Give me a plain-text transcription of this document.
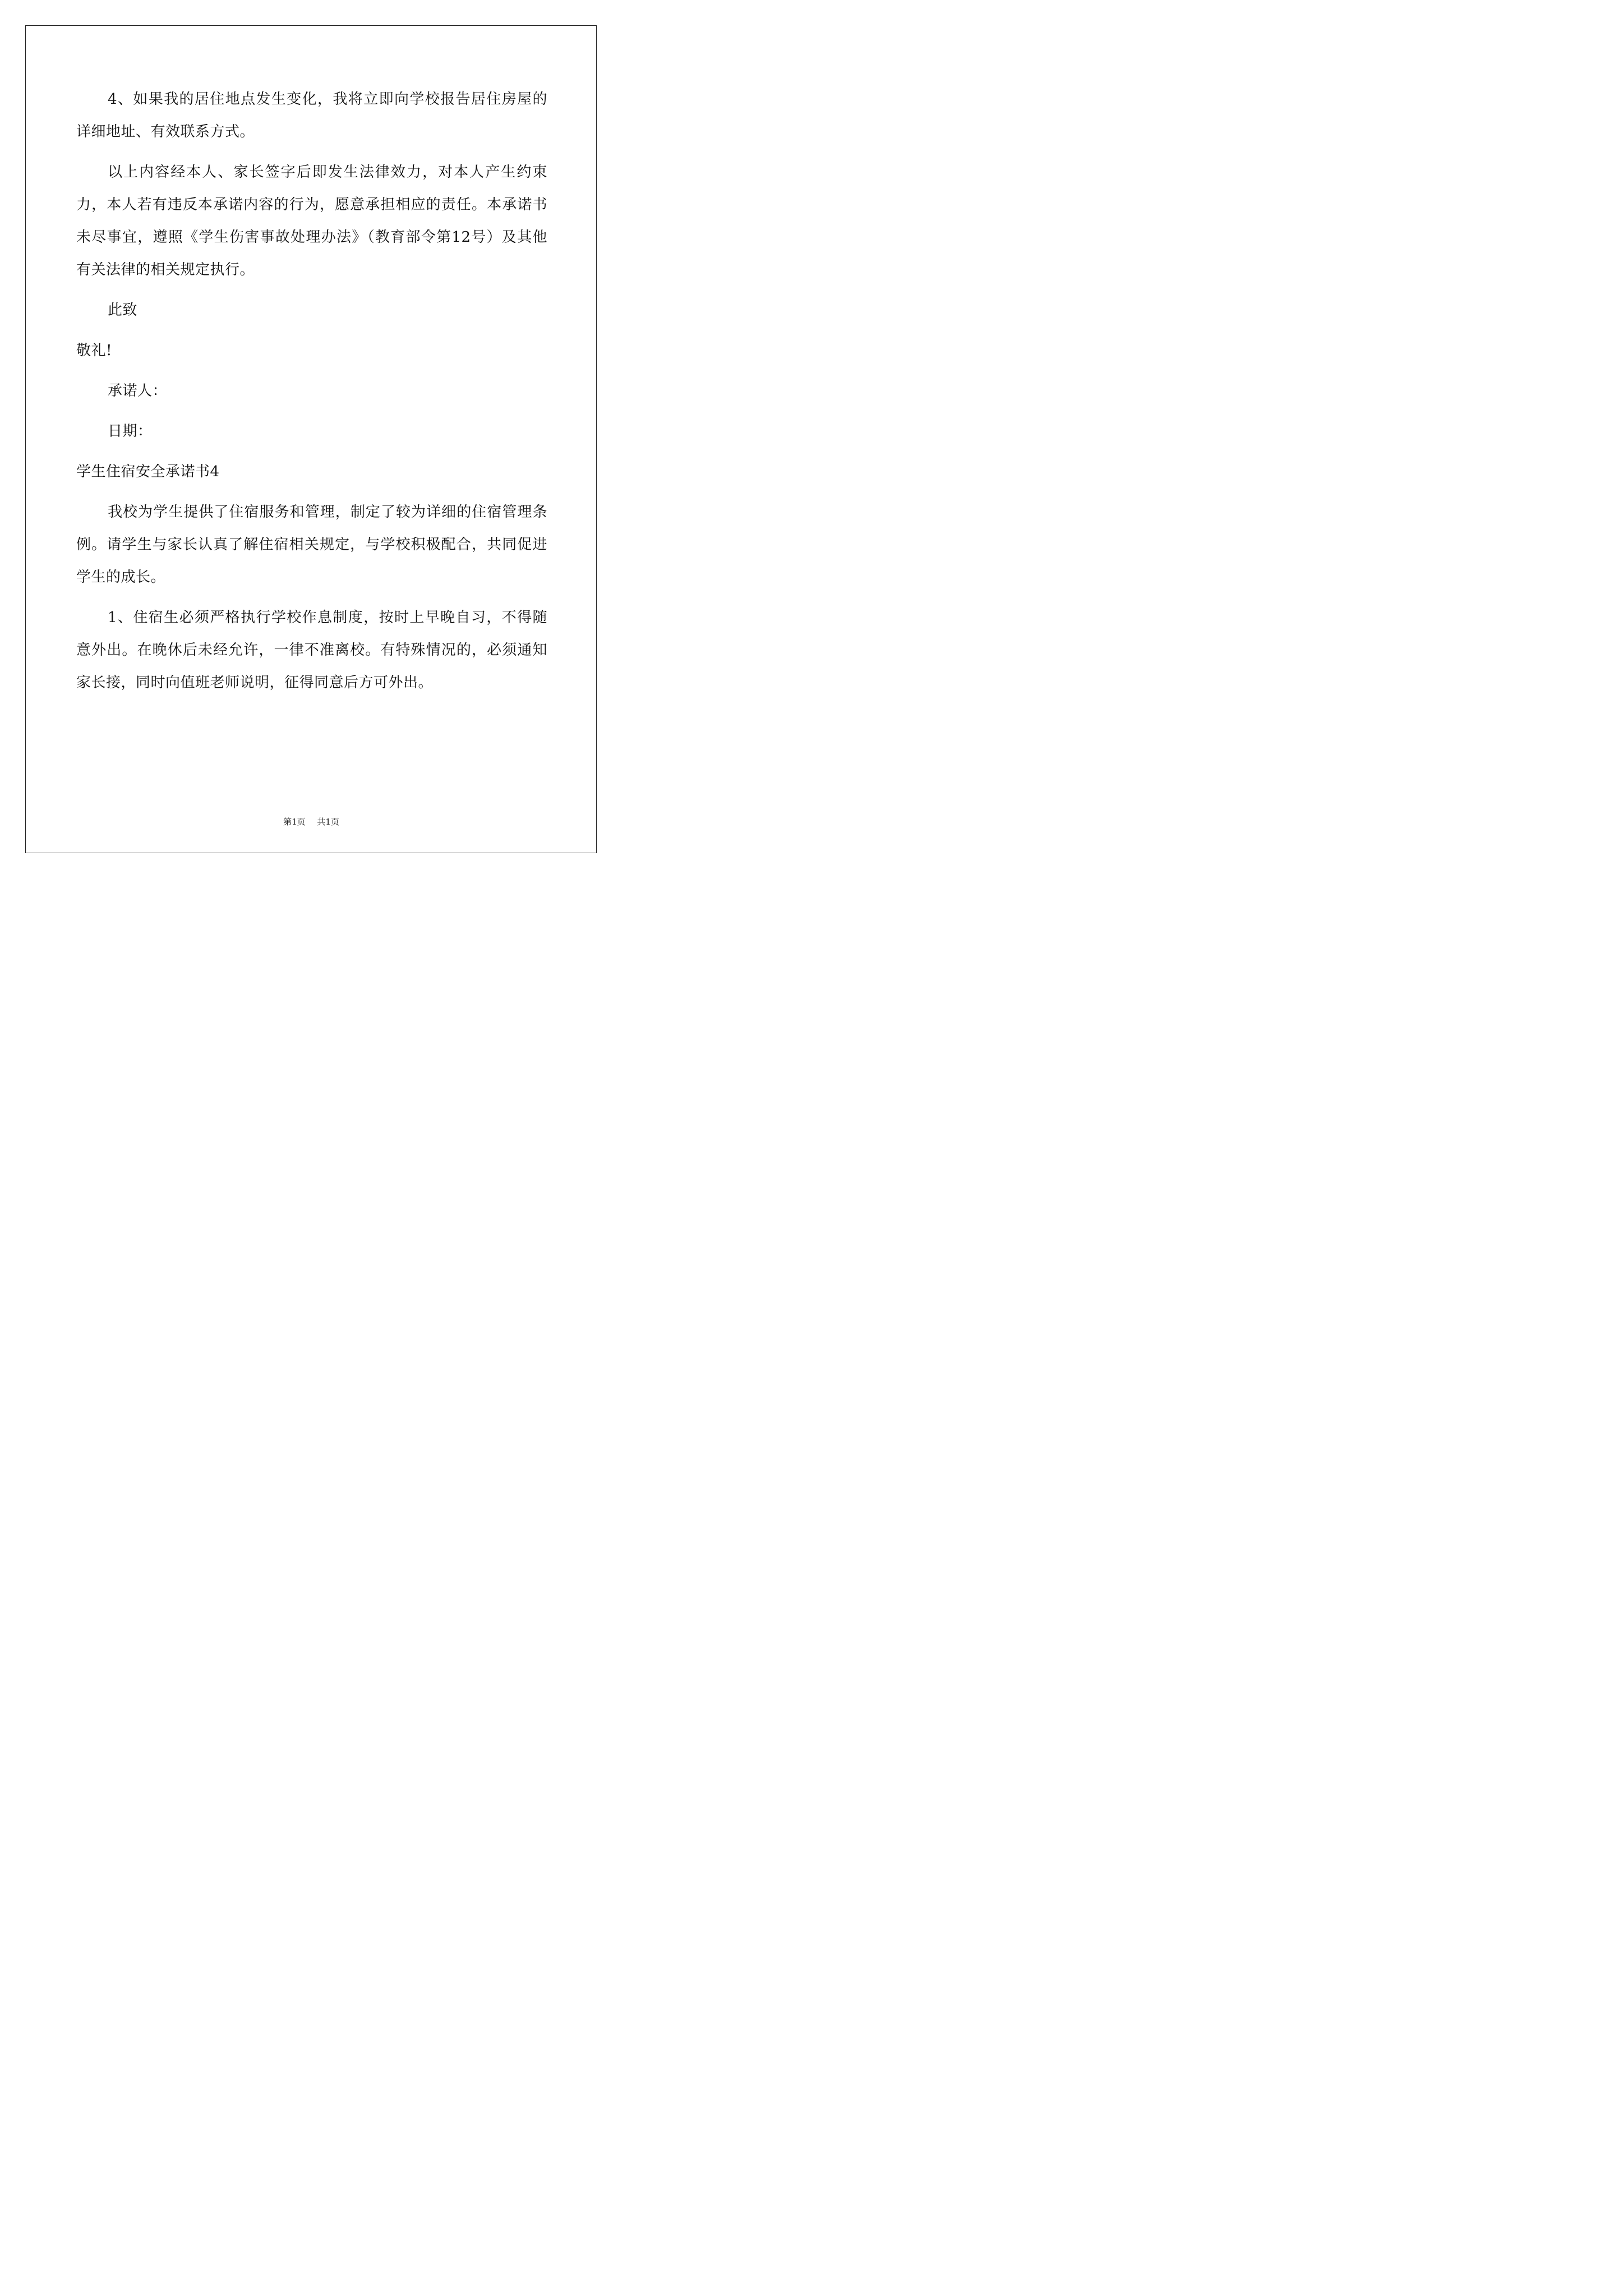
4、如果我的居住地点发生变化，我将立即向学校报告居住房屋的详细地址、有效联系方式。

以上内容经本人、家长签字后即发生法律效力，对本人产生约束力，本人若有违反本承诺内容的行为，愿意承担相应的责任。本承诺书未尽事宜，遵照《学生伤害事故处理办法》（教育部令第12号）及其他有关法律的相关规定执行。

此致

敬礼!

承诺人：

日期：

学生住宿安全承诺书4

我校为学生提供了住宿服务和管理，制定了较为详细的住宿管理条例。请学生与家长认真了解住宿相关规定，与学校积极配合，共同促进学生的成长。

1、住宿生必须严格执行学校作息制度，按时上早晚自习，不得随意外出。在晚休后未经允许，一律不准离校。有特殊情况的，必须通知家长接，同时向值班老师说明，征得同意后方可外出。

第1页 共1页
